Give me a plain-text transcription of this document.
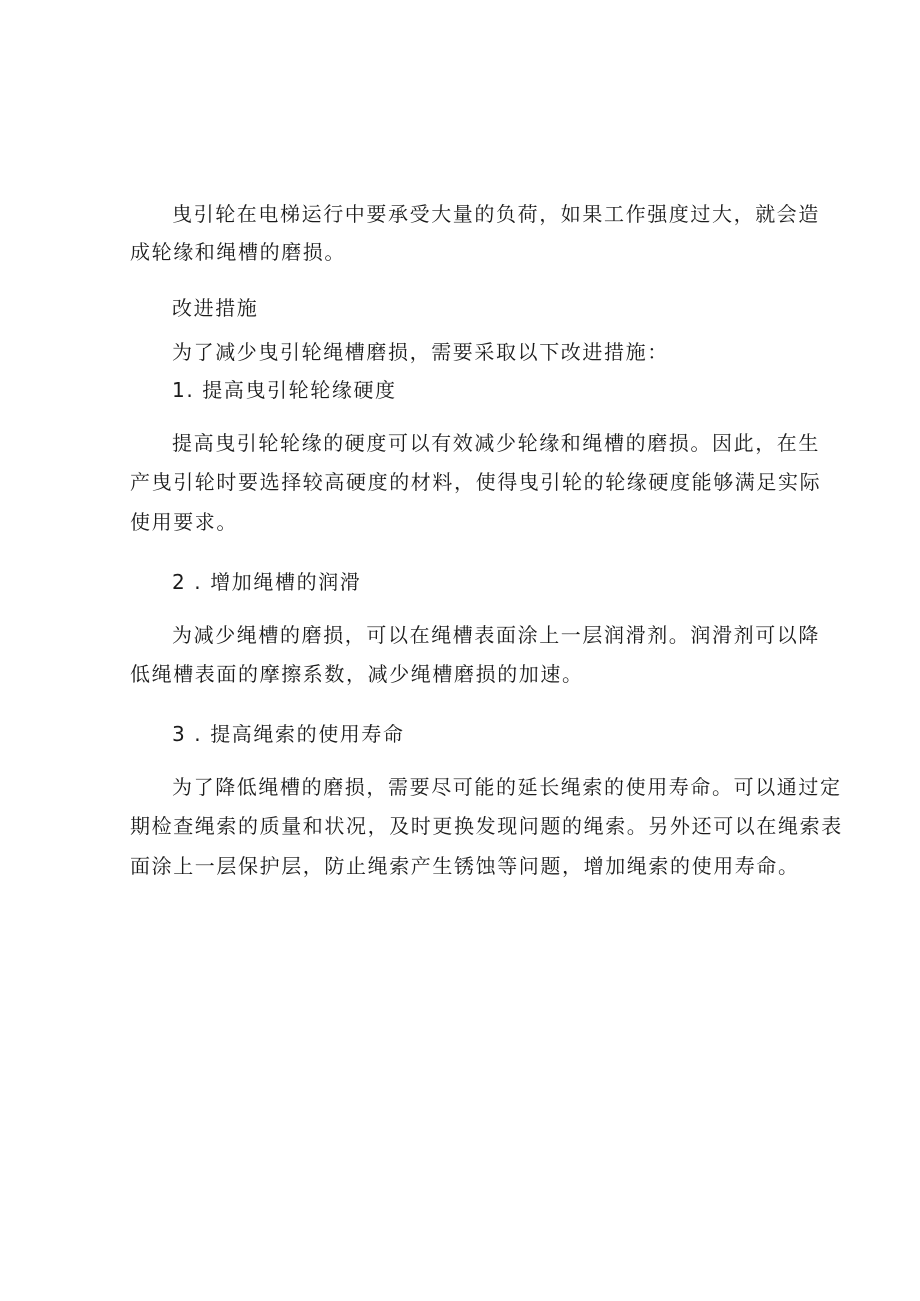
曳引轮在电梯运行中要承受大量的负荷，如果工作强度过大，就会造
成轮缘和绳槽的磨损。
改进措施
为了减少曳引轮绳槽磨损，需要采取以下改进措施：
1. 提高曳引轮轮缘硬度
提高曳引轮轮缘的硬度可以有效减少轮缘和绳槽的磨损。因此，在生
产曳引轮时要选择较高硬度的材料，使得曳引轮的轮缘硬度能够满足实际
使用要求。
2 . 增加绳槽的润滑
为减少绳槽的磨损，可以在绳槽表面涂上一层润滑剂。润滑剂可以降
低绳槽表面的摩擦系数，减少绳槽磨损的加速。
3 . 提高绳索的使用寿命
为了降低绳槽的磨损，需要尽可能的延长绳索的使用寿命。可以通过定
期检查绳索的质量和状况，及时更换发现问题的绳索。另外还可以在绳索表
面涂上一层保护层，防止绳索产生锈蚀等问题，增加绳索的使用寿命。
